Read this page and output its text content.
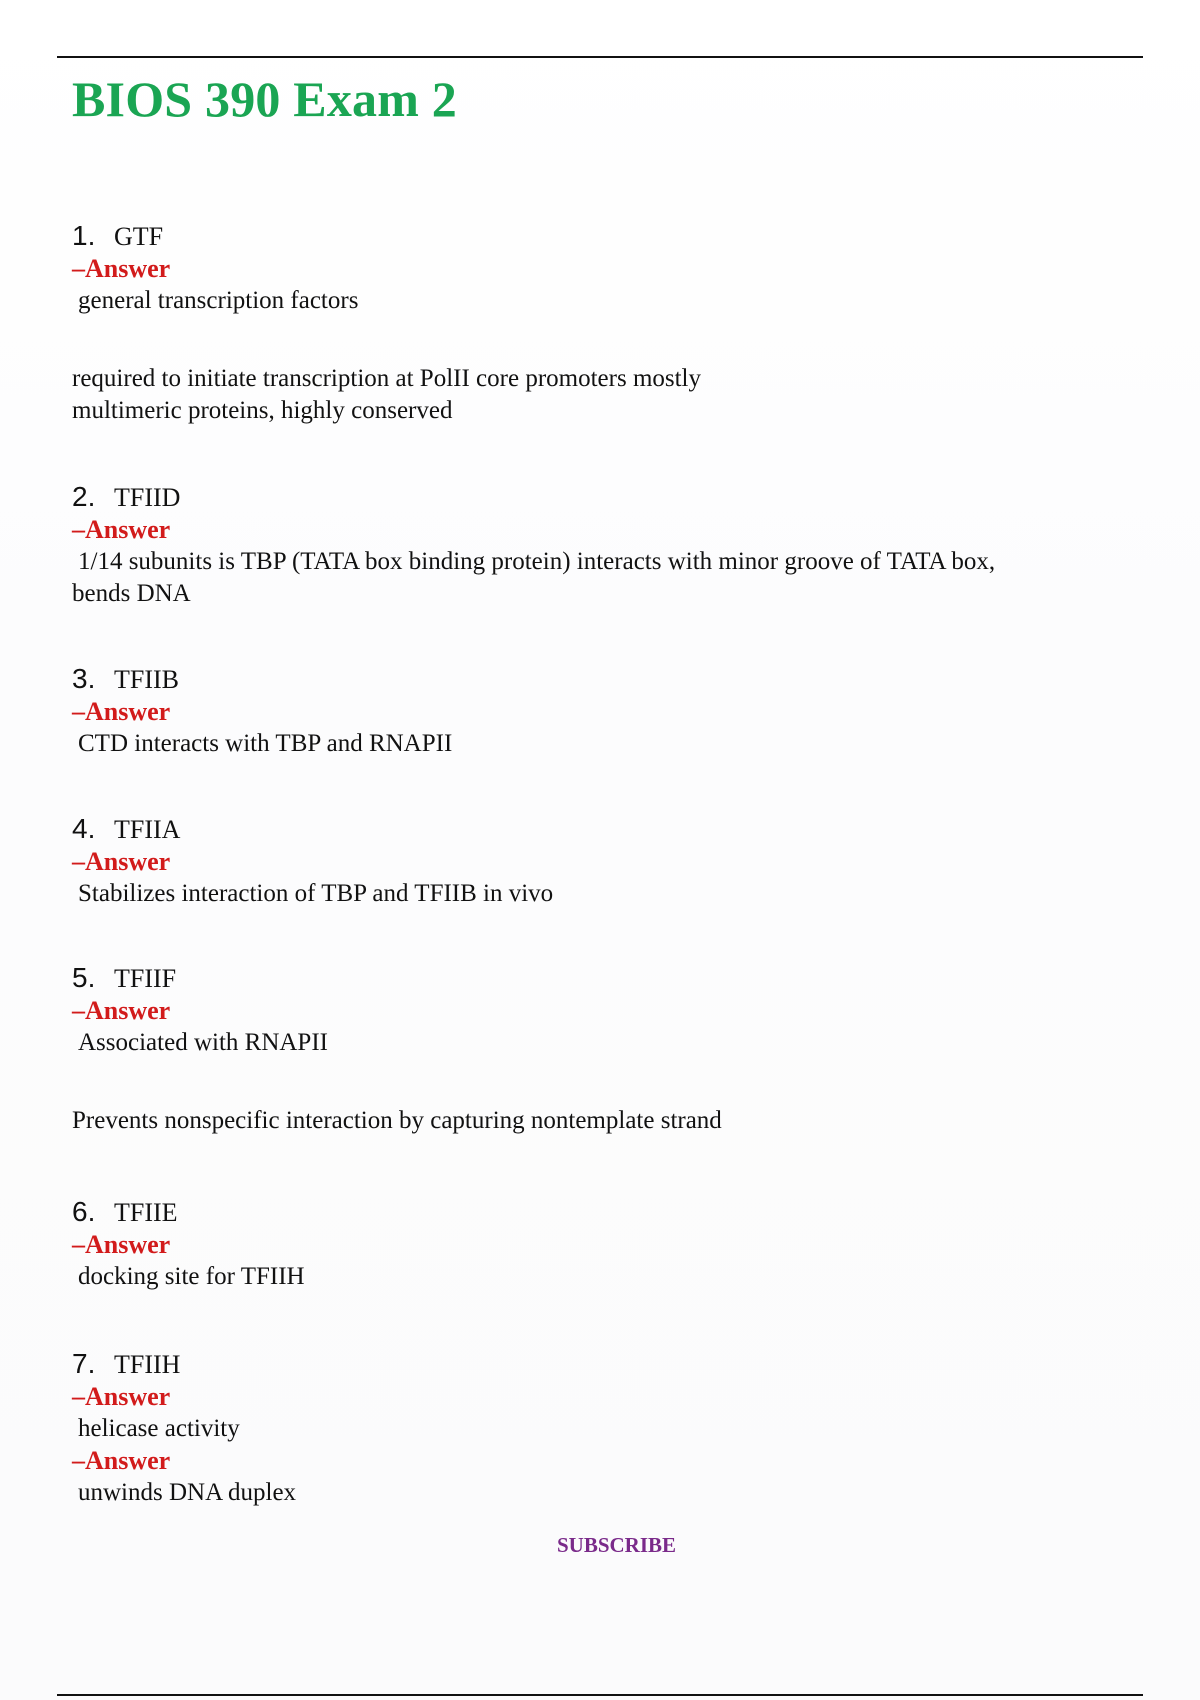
BIOS 390 Exam 2
1. GTF
–Answer
general transcription factors
required to initiate transcription at PolII core promoters mostly
multimeric proteins, highly conserved
2. TFIID
–Answer
1/14 subunits is TBP (TATA box binding protein) interacts with minor groove of TATA box,
bends DNA
3. TFIIB
–Answer
CTD interacts with TBP and RNAPII
4. TFIIA
–Answer
Stabilizes interaction of TBP and TFIIB in vivo
5. TFIIF
–Answer
Associated with RNAPII
Prevents nonspecific interaction by capturing nontemplate strand
6. TFIIE
–Answer
docking site for TFIIH
7. TFIIH
–Answer
helicase activity
–Answer
unwinds DNA duplex
SUBSCRIBE
